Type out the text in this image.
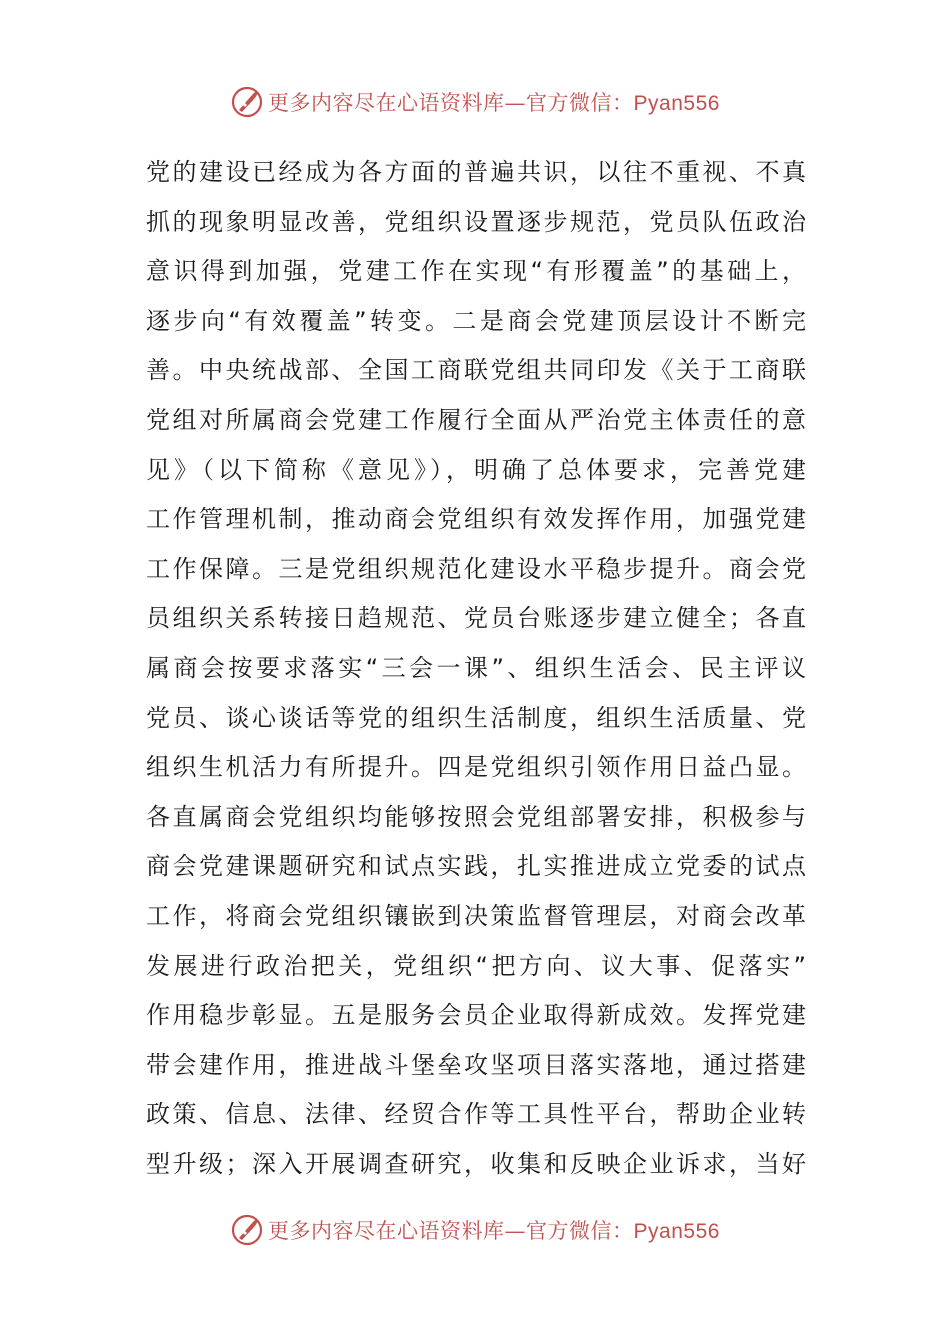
更多内容尽在心语资料库—官方微信：Pyan556
党的建设已经成为各方面的普遍共识，以往不重视、不真
抓的现象明显改善，党组织设置逐步规范，党员队伍政治
意识得到加强，党建工作在实现“有形覆盖”的基础上，
逐步向“有效覆盖”转变。二是商会党建顶层设计不断完
善。中央统战部、全国工商联党组共同印发《关于工商联
党组对所属商会党建工作履行全面从严治党主体责任的意
见》（以下简称《意见》），明确了总体要求，完善党建
工作管理机制，推动商会党组织有效发挥作用，加强党建
工作保障。三是党组织规范化建设水平稳步提升。商会党
员组织关系转接日趋规范、党员台账逐步建立健全；各直
属商会按要求落实“三会一课”、组织生活会、民主评议
党员、谈心谈话等党的组织生活制度，组织生活质量、党
组织生机活力有所提升。四是党组织引领作用日益凸显。
各直属商会党组织均能够按照会党组部署安排，积极参与
商会党建课题研究和试点实践，扎实推进成立党委的试点
工作，将商会党组织镶嵌到决策监督管理层，对商会改革
发展进行政治把关，党组织“把方向、议大事、促落实”
作用稳步彰显。五是服务会员企业取得新成效。发挥党建
带会建作用，推进战斗堡垒攻坚项目落实落地，通过搭建
政策、信息、法律、经贸合作等工具性平台，帮助企业转
型升级；深入开展调查研究，收集和反映企业诉求，当好
更多内容尽在心语资料库—官方微信：Pyan556
